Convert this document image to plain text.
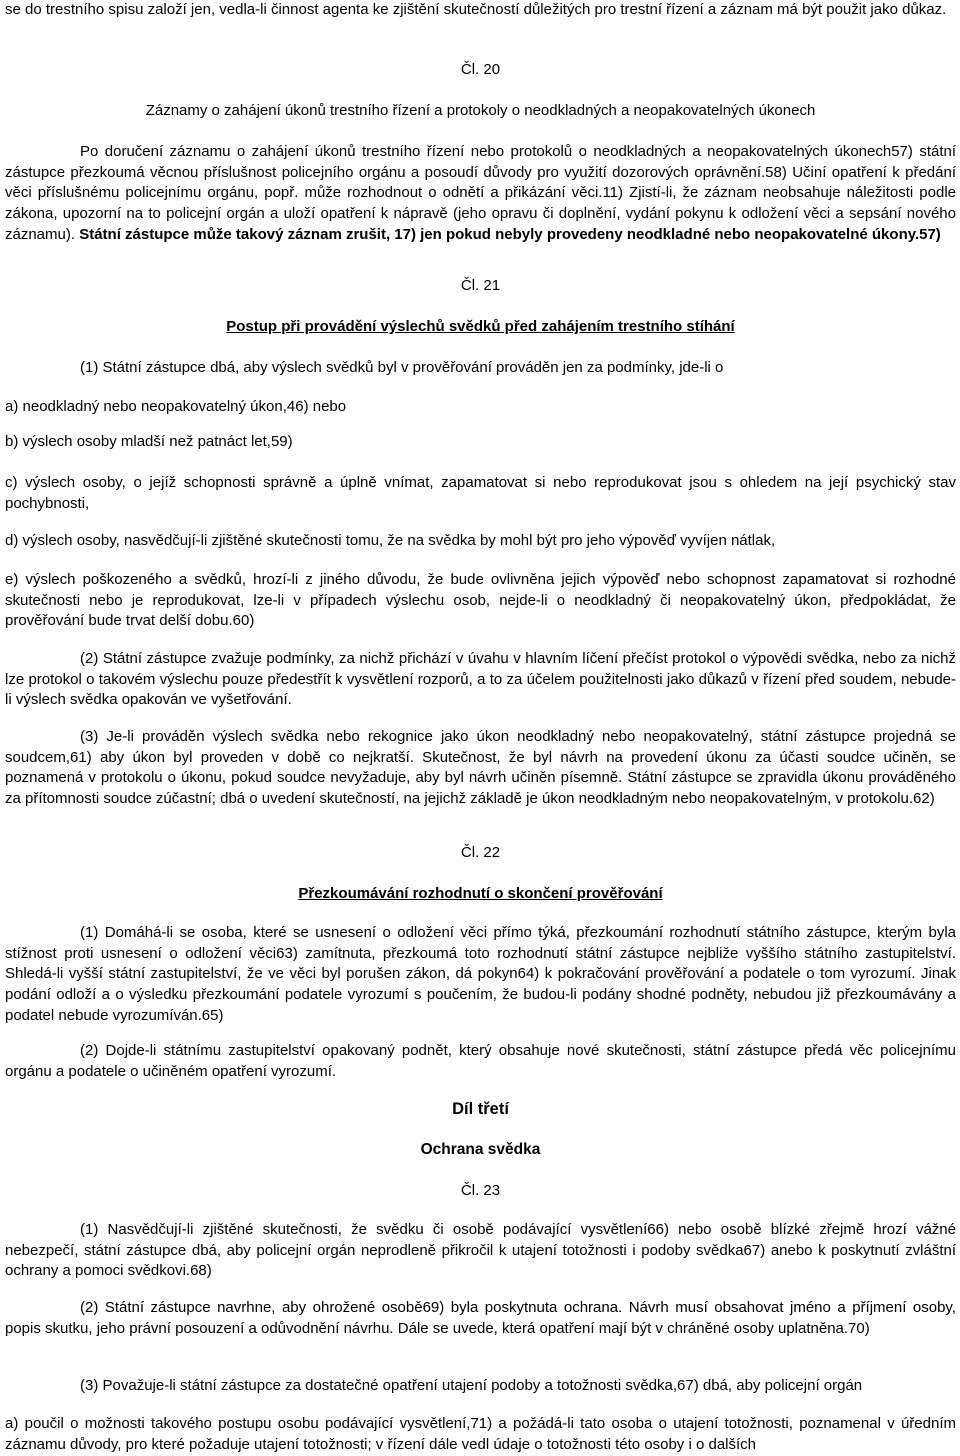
se do trestního spisu založí jen, vedla-li činnost agenta ke zjištění skutečností důležitých pro trestní řízení a záznam má být použit jako důkaz.

Čl. 20

Záznamy o zahájení úkonů trestního řízení a protokoly o neodkladných a neopakovatelných úkonech

Po doručení záznamu o zahájení úkonů trestního řízení nebo protokolů o neodkladných a neopakovatelných úkonech57) státní zástupce přezkoumá věcnou příslušnost policejního orgánu a posoudí důvody pro využití dozorových oprávnění.58) Učiní opatření k předání věci příslušnému policejnímu orgánu, popř. může rozhodnout o odnětí a přikázání věci.11) Zjistí-li, že záznam neobsahuje náležitosti podle zákona, upozorní na to policejní orgán a uloží opatření k nápravě (jeho opravu či doplnění, vydání pokynu k odložení věci a sepsání nového záznamu). Státní zástupce může takový záznam zrušit, 17) jen pokud nebyly provedeny neodkladné nebo neopakovatelné úkony.57)

Čl. 21

Postup při provádění výslechů svědků před zahájením trestního stíhání

(1) Státní zástupce dbá, aby výslech svědků byl v prověřování prováděn jen za podmínky, jde-li o

a) neodkladný nebo neopakovatelný úkon,46) nebo

b) výslech osoby mladší než patnáct let,59)

c) výslech osoby, o jejíž schopnosti správně a úplně vnímat, zapamatovat si nebo reprodukovat jsou s ohledem na její psychický stav pochybnosti,

d) výslech osoby, nasvědčují-li zjištěné skutečnosti tomu, že na svědka by mohl být pro jeho výpověď vyvíjen nátlak,

e) výslech poškozeného a svědků, hrozí-li z jiného důvodu, že bude ovlivněna jejich výpověď nebo schopnost zapamatovat si rozhodné skutečnosti nebo je reprodukovat, lze-li v případech výslechu osob, nejde-li o neodkladný či neopakovatelný úkon, předpokládat, že prověřování bude trvat delší dobu.60)

(2) Státní zástupce zvažuje podmínky, za nichž přichází v úvahu v hlavním líčení přečíst protokol o výpovědi svědka, nebo za nichž lze protokol o takovém výslechu pouze předestřít k vysvětlení rozporů, a to za účelem použitelnosti jako důkazů v řízení před soudem, nebude-li výslech svědka opakován ve vyšetřování.

(3) Je-li prováděn výslech svědka nebo rekognice jako úkon neodkladný nebo neopakovatelný, státní zástupce projedná se soudcem,61) aby úkon byl proveden v době co nejkratší. Skutečnost, že byl návrh na provedení úkonu za účasti soudce učiněn, se poznamená v protokolu o úkonu, pokud soudce nevyžaduje, aby byl návrh učiněn písemně. Státní zástupce se zpravidla úkonu prováděného za přítomnosti soudce zúčastní; dbá o uvedení skutečností, na jejichž základě je úkon neodkladným nebo neopakovatelným, v protokolu.62)

Čl. 22

Přezkoumávání rozhodnutí o skončení prověřování

(1) Domáhá-li se osoba, které se usnesení o odložení věci přímo týká, přezkoumání rozhodnutí státního zástupce, kterým byla stížnost proti usnesení o odložení věci63) zamítnuta, přezkoumá toto rozhodnutí státní zástupce nejbliže vyššího státního zastupitelství. Shledá-li vyšší státní zastupitelství, že ve věci byl porušen zákon, dá pokyn64) k pokračování prověřování a podatele o tom vyrozumí. Jinak podání odloží a o výsledku přezkoumání podatele vyrozumí s poučením, že budou-li podány shodné podněty, nebudou již přezkoumávány a podatel nebude vyrozumíván.65)

(2) Dojde-li státnímu zastupitelství opakovaný podnět, který obsahuje nové skutečnosti, státní zástupce předá věc policejnímu orgánu a podatele o učiněném opatření vyrozumí.

Díl třetí

Ochrana svědka

Čl. 23

(1) Nasvědčují-li zjištěné skutečnosti, že svědku či osobě podávající vysvětlení66) nebo osobě blízké zřejmě hrozí vážné nebezpečí, státní zástupce dbá, aby policejní orgán neprodleně přikročil k utajení totožnosti i podoby svědka67) anebo k poskytnutí zvláštní ochrany a pomoci svědkovi.68)

(2) Státní zástupce navrhne, aby ohrožené osobě69) byla poskytnuta ochrana. Návrh musí obsahovat jméno a příjmení osoby, popis skutku, jeho právní posouzení a odůvodnění návrhu. Dále se uvede, která opatření mají být v chráněné osoby uplatněna.70)

(3) Považuje-li státní zástupce za dostatečné opatření utajení podoby a totožnosti svědka,67) dbá, aby policejní orgán

a) poučil o možnosti takového postupu osobu podávající vysvětlení,71) a požádá-li tato osoba o utajení totožnosti, poznamenal v úředním záznamu důvody, pro které požaduje utajení totožnosti; v řízení dále vedl údaje o totožnosti této osoby i o dalších
